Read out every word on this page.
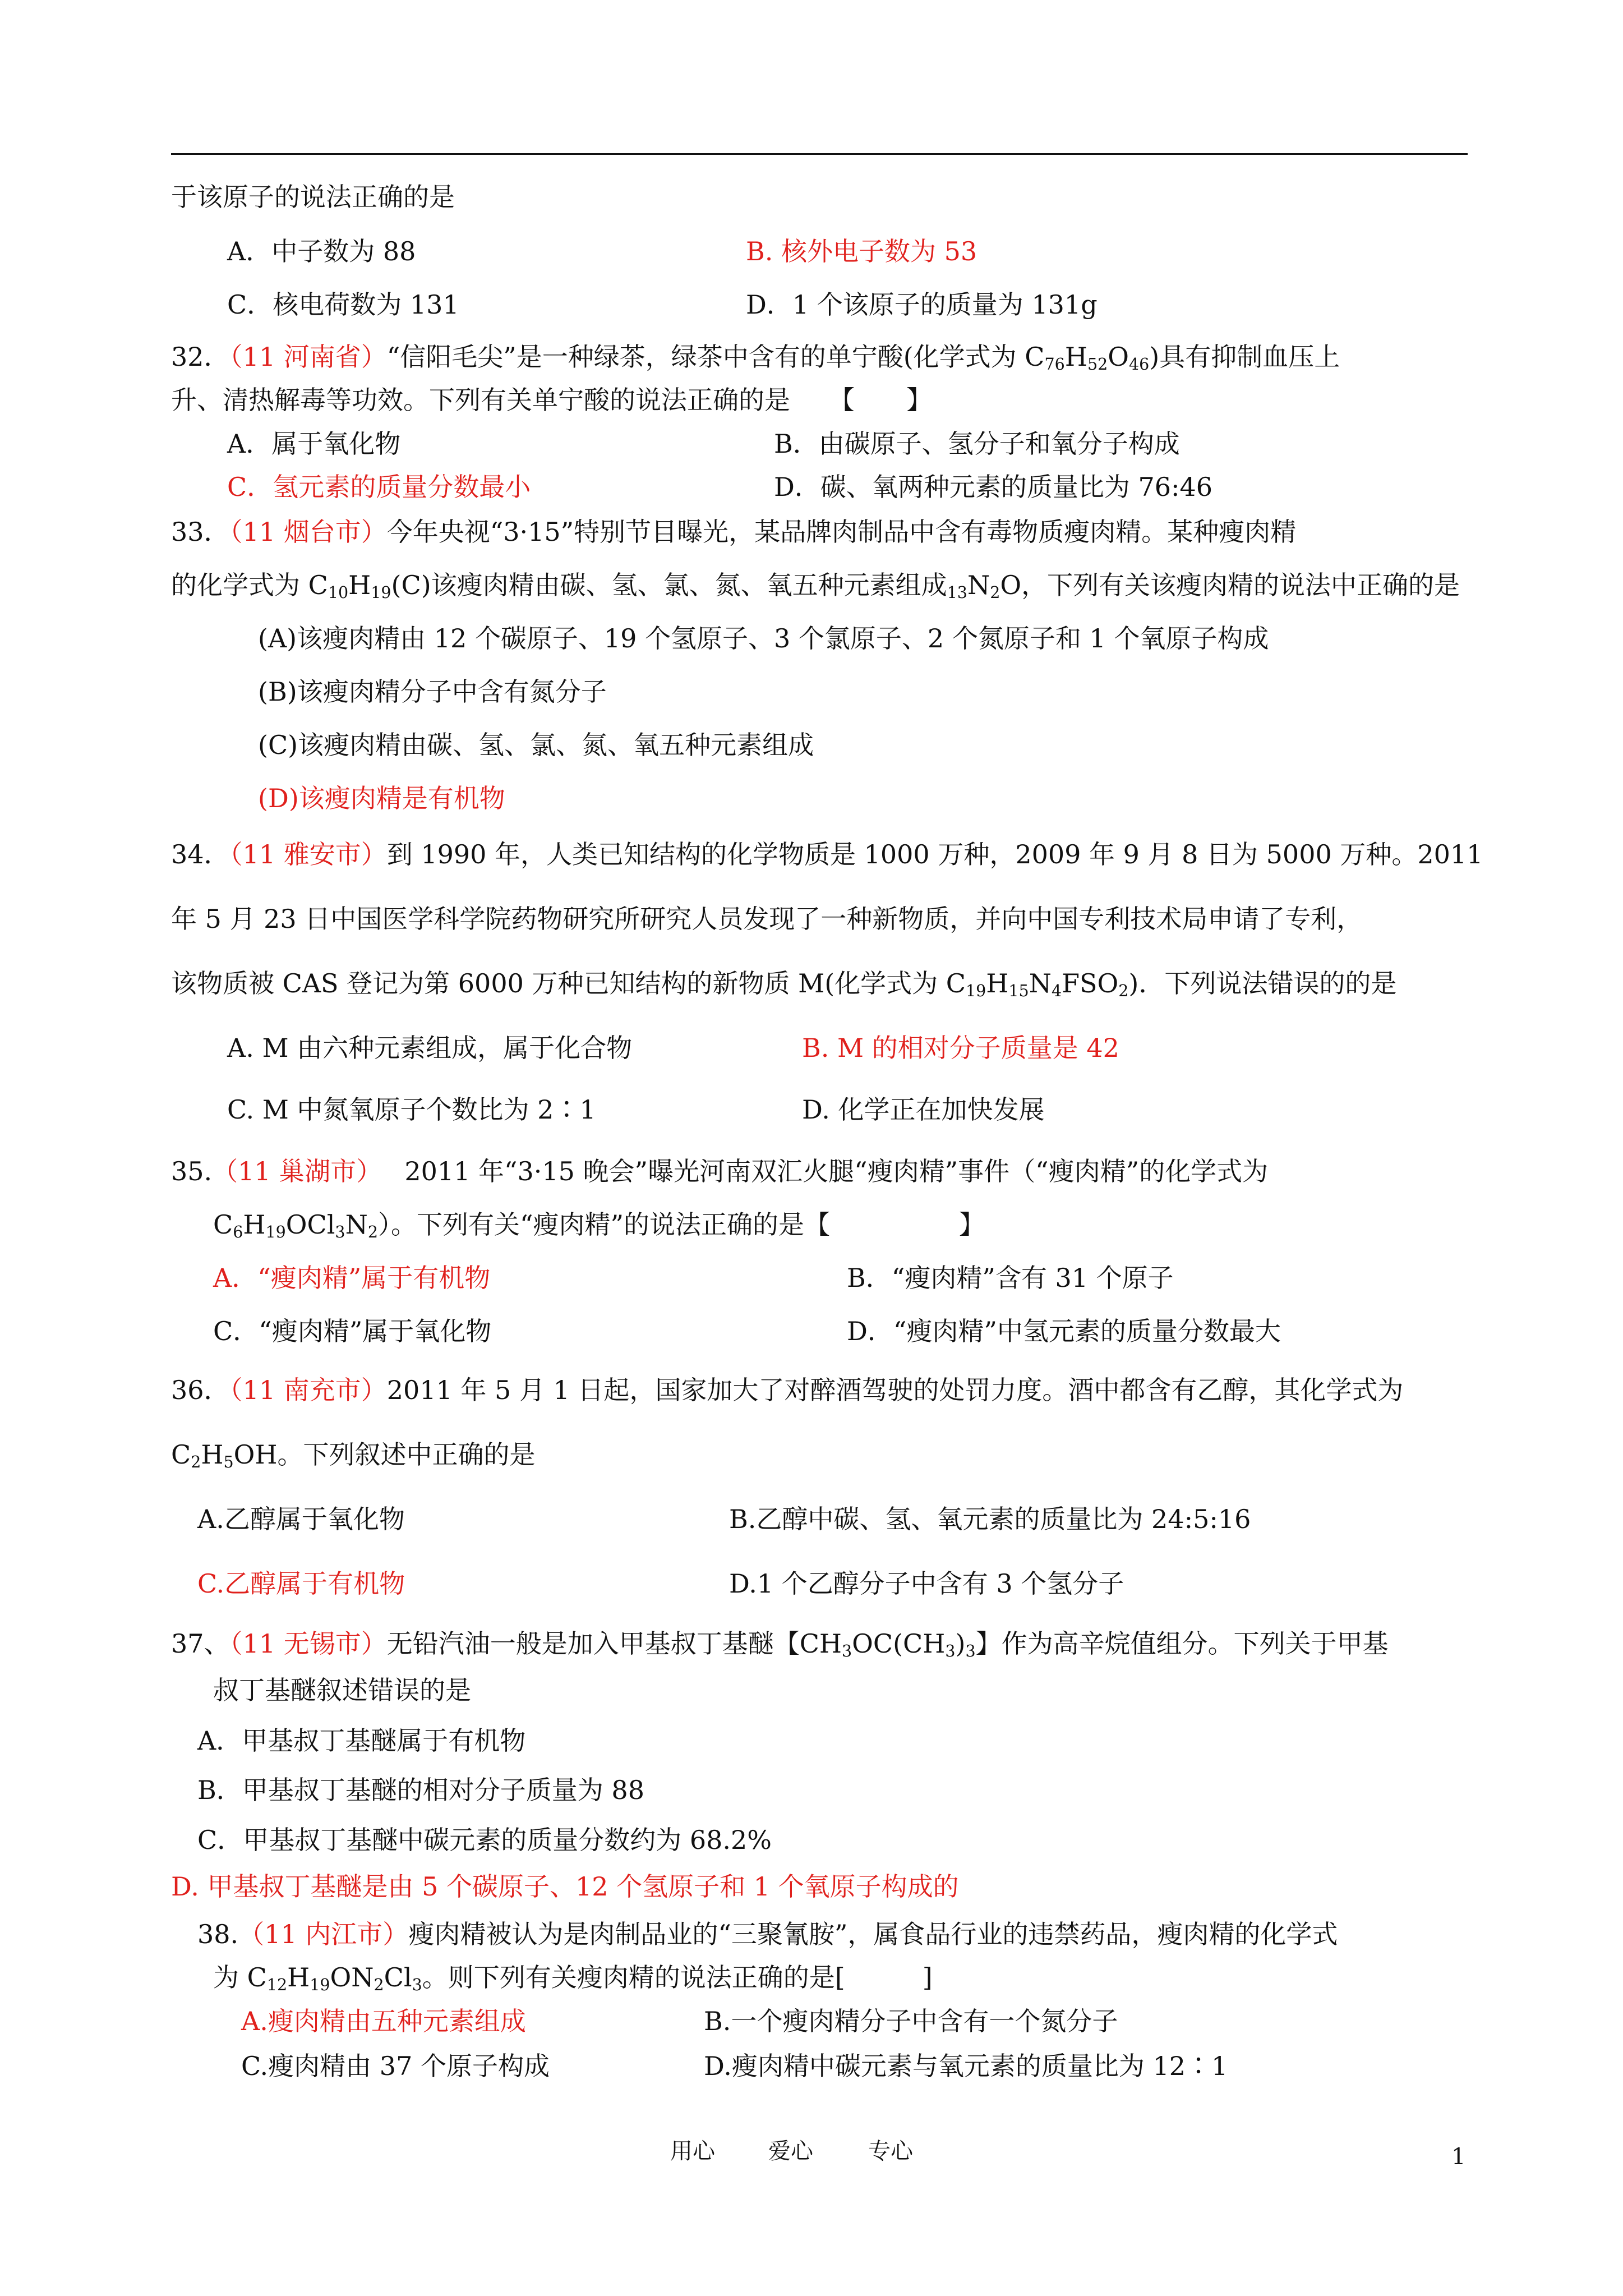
于该原子的说法正确的是
A．中子数为 88	B. 核外电子数为 53
C．核电荷数为 131	D．1 个该原子的质量为 131g
32．（11 河南省）“信阳毛尖”是一种绿茶，绿茶中含有的单宁酸(化学式为 $C_{76}H_{52}O_{46}$)具有抑制血压上
升、清热解毒等功效。下列有关单宁酸的说法正确的是　　【　　】
A．属于氧化物	B．由碳原子、氢分子和氧分子构成
C．氢元素的质量分数最小	D．碳、氧两种元素的质量比为 76:46
33．（11 烟台市）今年央视“3·15”特别节目曝光，某品牌肉制品中含有毒物质瘦肉精。某种瘦肉精
的化学式为 $C_{10}H_{19}(C)$该瘦肉精由碳、氢、氯、氮、氧五种元素组成$_{13}N_2O$，下列有关该瘦肉精的说法中正确的是
(A)该瘦肉精由 12 个碳原子、19 个氢原子、3 个氯原子、2 个氮原子和 1 个氧原子构成
(B)该瘦肉精分子中含有氮分子
(C)该瘦肉精由碳、氢、氯、氮、氧五种元素组成
(D)该瘦肉精是有机物
34．（11 雅安市）到 1990 年，人类已知结构的化学物质是 1000 万种，2009 年 9 月 8 日为 5000 万种。2011
年 5 月 23 日中国医学科学院药物研究所研究人员发现了一种新物质，并向中国专利技术局申请了专利，
该物质被 CAS 登记为第 6000 万种已知结构的新物质 M(化学式为 $C_{19}H_{15}N_4FSO_2$)．下列说法错误的的是
A. M 由六种元素组成，属于化合物	B. M 的相对分子质量是 42
C. M 中氮氧原子个数比为 2∶1	D. 化学正在加快发展
35.（11 巢湖市） 2011 年“3·15 晚会”曝光河南双汇火腿“瘦肉精”事件（“瘦肉精”的化学式为
$C_6H_{19}OCl_3N_2$）。下列有关“瘦肉精”的说法正确的是【　　　　　】
A．“瘦肉精”属于有机物	B．“瘦肉精”含有 31 个原子
C．“瘦肉精”属于氧化物	D．“瘦肉精”中氢元素的质量分数最大
36．（11 南充市）2011 年 5 月 1 日起，国家加大了对醉酒驾驶的处罚力度。酒中都含有乙醇，其化学式为
$C_2H_5OH$。下列叙述中正确的是
A.乙醇属于氧化物	B.乙醇中碳、氢、氧元素的质量比为 24:5:16
C.乙醇属于有机物	D.1 个乙醇分子中含有 3 个氢分子
37、（11 无锡市）无铅汽油一般是加入甲基叔丁基醚【$CH_3OC(CH_3)_3$】作为高辛烷值组分。下列关于甲基
叔丁基醚叙述错误的是
A．甲基叔丁基醚属于有机物
B．甲基叔丁基醚的相对分子质量为 88
C．甲基叔丁基醚中碳元素的质量分数约为 68.2%
D. 甲基叔丁基醚是由 5 个碳原子、12 个氢原子和 1 个氧原子构成的
38.（11 内江市）瘦肉精被认为是肉制品业的“三聚氰胺”，属食品行业的违禁药品，瘦肉精的化学式
为 $C_{12}H_{19}ON_2Cl_3$。则下列有关瘦肉精的说法正确的是[　　　]
A.瘦肉精由五种元素组成	B.一个瘦肉精分子中含有一个氮分子
C.瘦肉精由 37 个原子构成	D.瘦肉精中碳元素与氧元素的质量比为 12∶1
用心 爱心 专心	1
